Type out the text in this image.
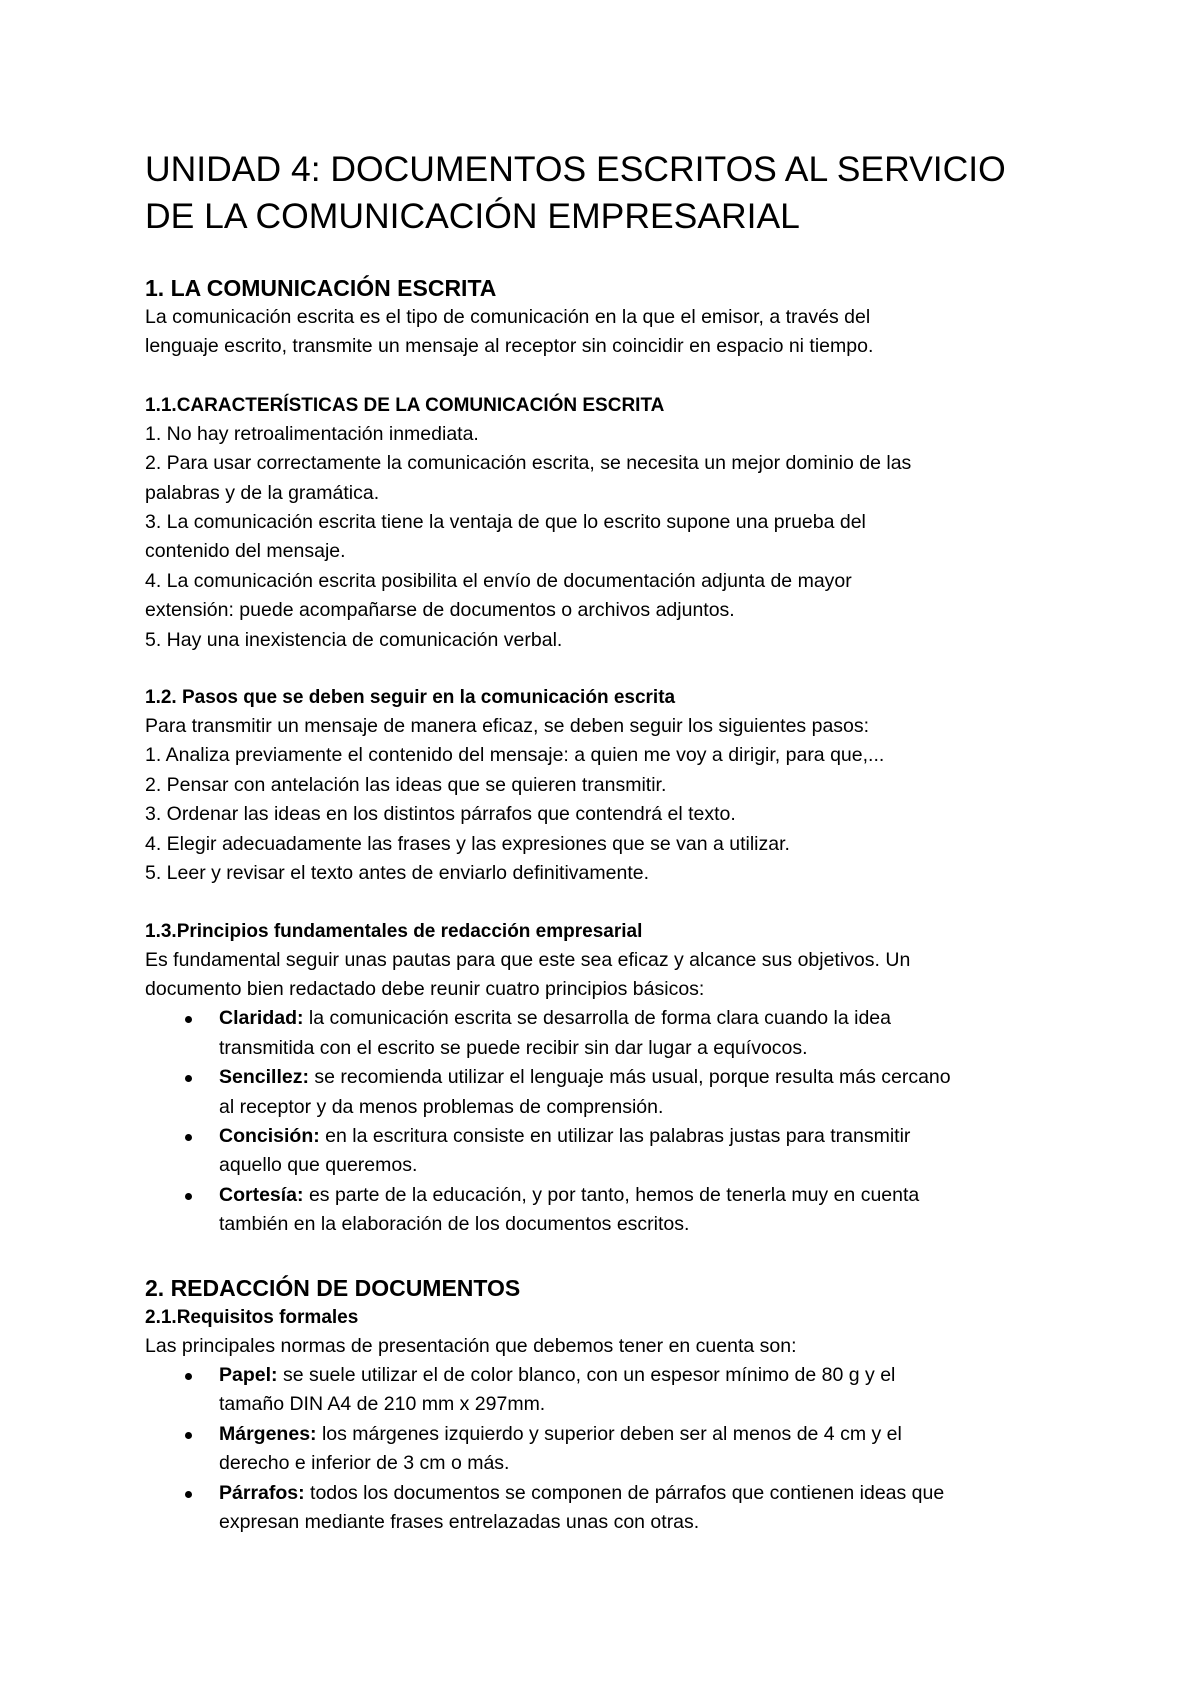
UNIDAD 4: DOCUMENTOS ESCRITOS AL SERVICIO
DE LA COMUNICACIÓN EMPRESARIAL
1. LA COMUNICACIÓN ESCRITA

La comunicación escrita es el tipo de comunicación en la que el emisor, a través del
lenguaje escrito, transmite un mensaje al receptor sin coincidir en espacio ni tiempo.

1.1.CARACTERÍSTICAS DE LA COMUNICACIÓN ESCRITA

1. No hay retroalimentación inmediata.
2. Para usar correctamente la comunicación escrita, se necesita un mejor dominio de las
palabras y de la gramática.
3. La comunicación escrita tiene la ventaja de que lo escrito supone una prueba del
contenido del mensaje.
4. La comunicación escrita posibilita el envío de documentación adjunta de mayor
extensión: puede acompañarse de documentos o archivos adjuntos.
5. Hay una inexistencia de comunicación verbal.

1.2. Pasos que se deben seguir en la comunicación escrita

Para transmitir un mensaje de manera eficaz, se deben seguir los siguientes pasos:
1. Analiza previamente el contenido del mensaje: a quien me voy a dirigir, para que,...
2. Pensar con antelación las ideas que se quieren transmitir.
3. Ordenar las ideas en los distintos párrafos que contendrá el texto.
4. Elegir adecuadamente las frases y las expresiones que se van a utilizar.
5. Leer y revisar el texto antes de enviarlo definitivamente.

1.3.Principios fundamentales de redacción empresarial

Es fundamental seguir unas pautas para que este sea eficaz y alcance sus objetivos. Un
documento bien redactado debe reunir cuatro principios básicos:

Claridad: la comunicación escrita se desarrolla de forma clara cuando la idea
transmitida con el escrito se puede recibir sin dar lugar a equívocos.
Sencillez: se recomienda utilizar el lenguaje más usual, porque resulta más cercano
al receptor y da menos problemas de comprensión.
Concisión: en la escritura consiste en utilizar las palabras justas para transmitir
aquello que queremos.
Cortesía: es parte de la educación, y por tanto, hemos de tenerla muy en cuenta
también en la elaboración de los documentos escritos.
2. REDACCIÓN DE DOCUMENTOS
2.1.Requisitos formales

Las principales normas de presentación que debemos tener en cuenta son:

Papel: se suele utilizar el de color blanco, con un espesor mínimo de 80 g y el
tamaño DIN A4 de 210 mm x 297mm.
Márgenes: los márgenes izquierdo y superior deben ser al menos de 4 cm y el
derecho e inferior de 3 cm o más.
Párrafos: todos los documentos se componen de párrafos que contienen ideas que
expresan mediante frases entrelazadas unas con otras.
